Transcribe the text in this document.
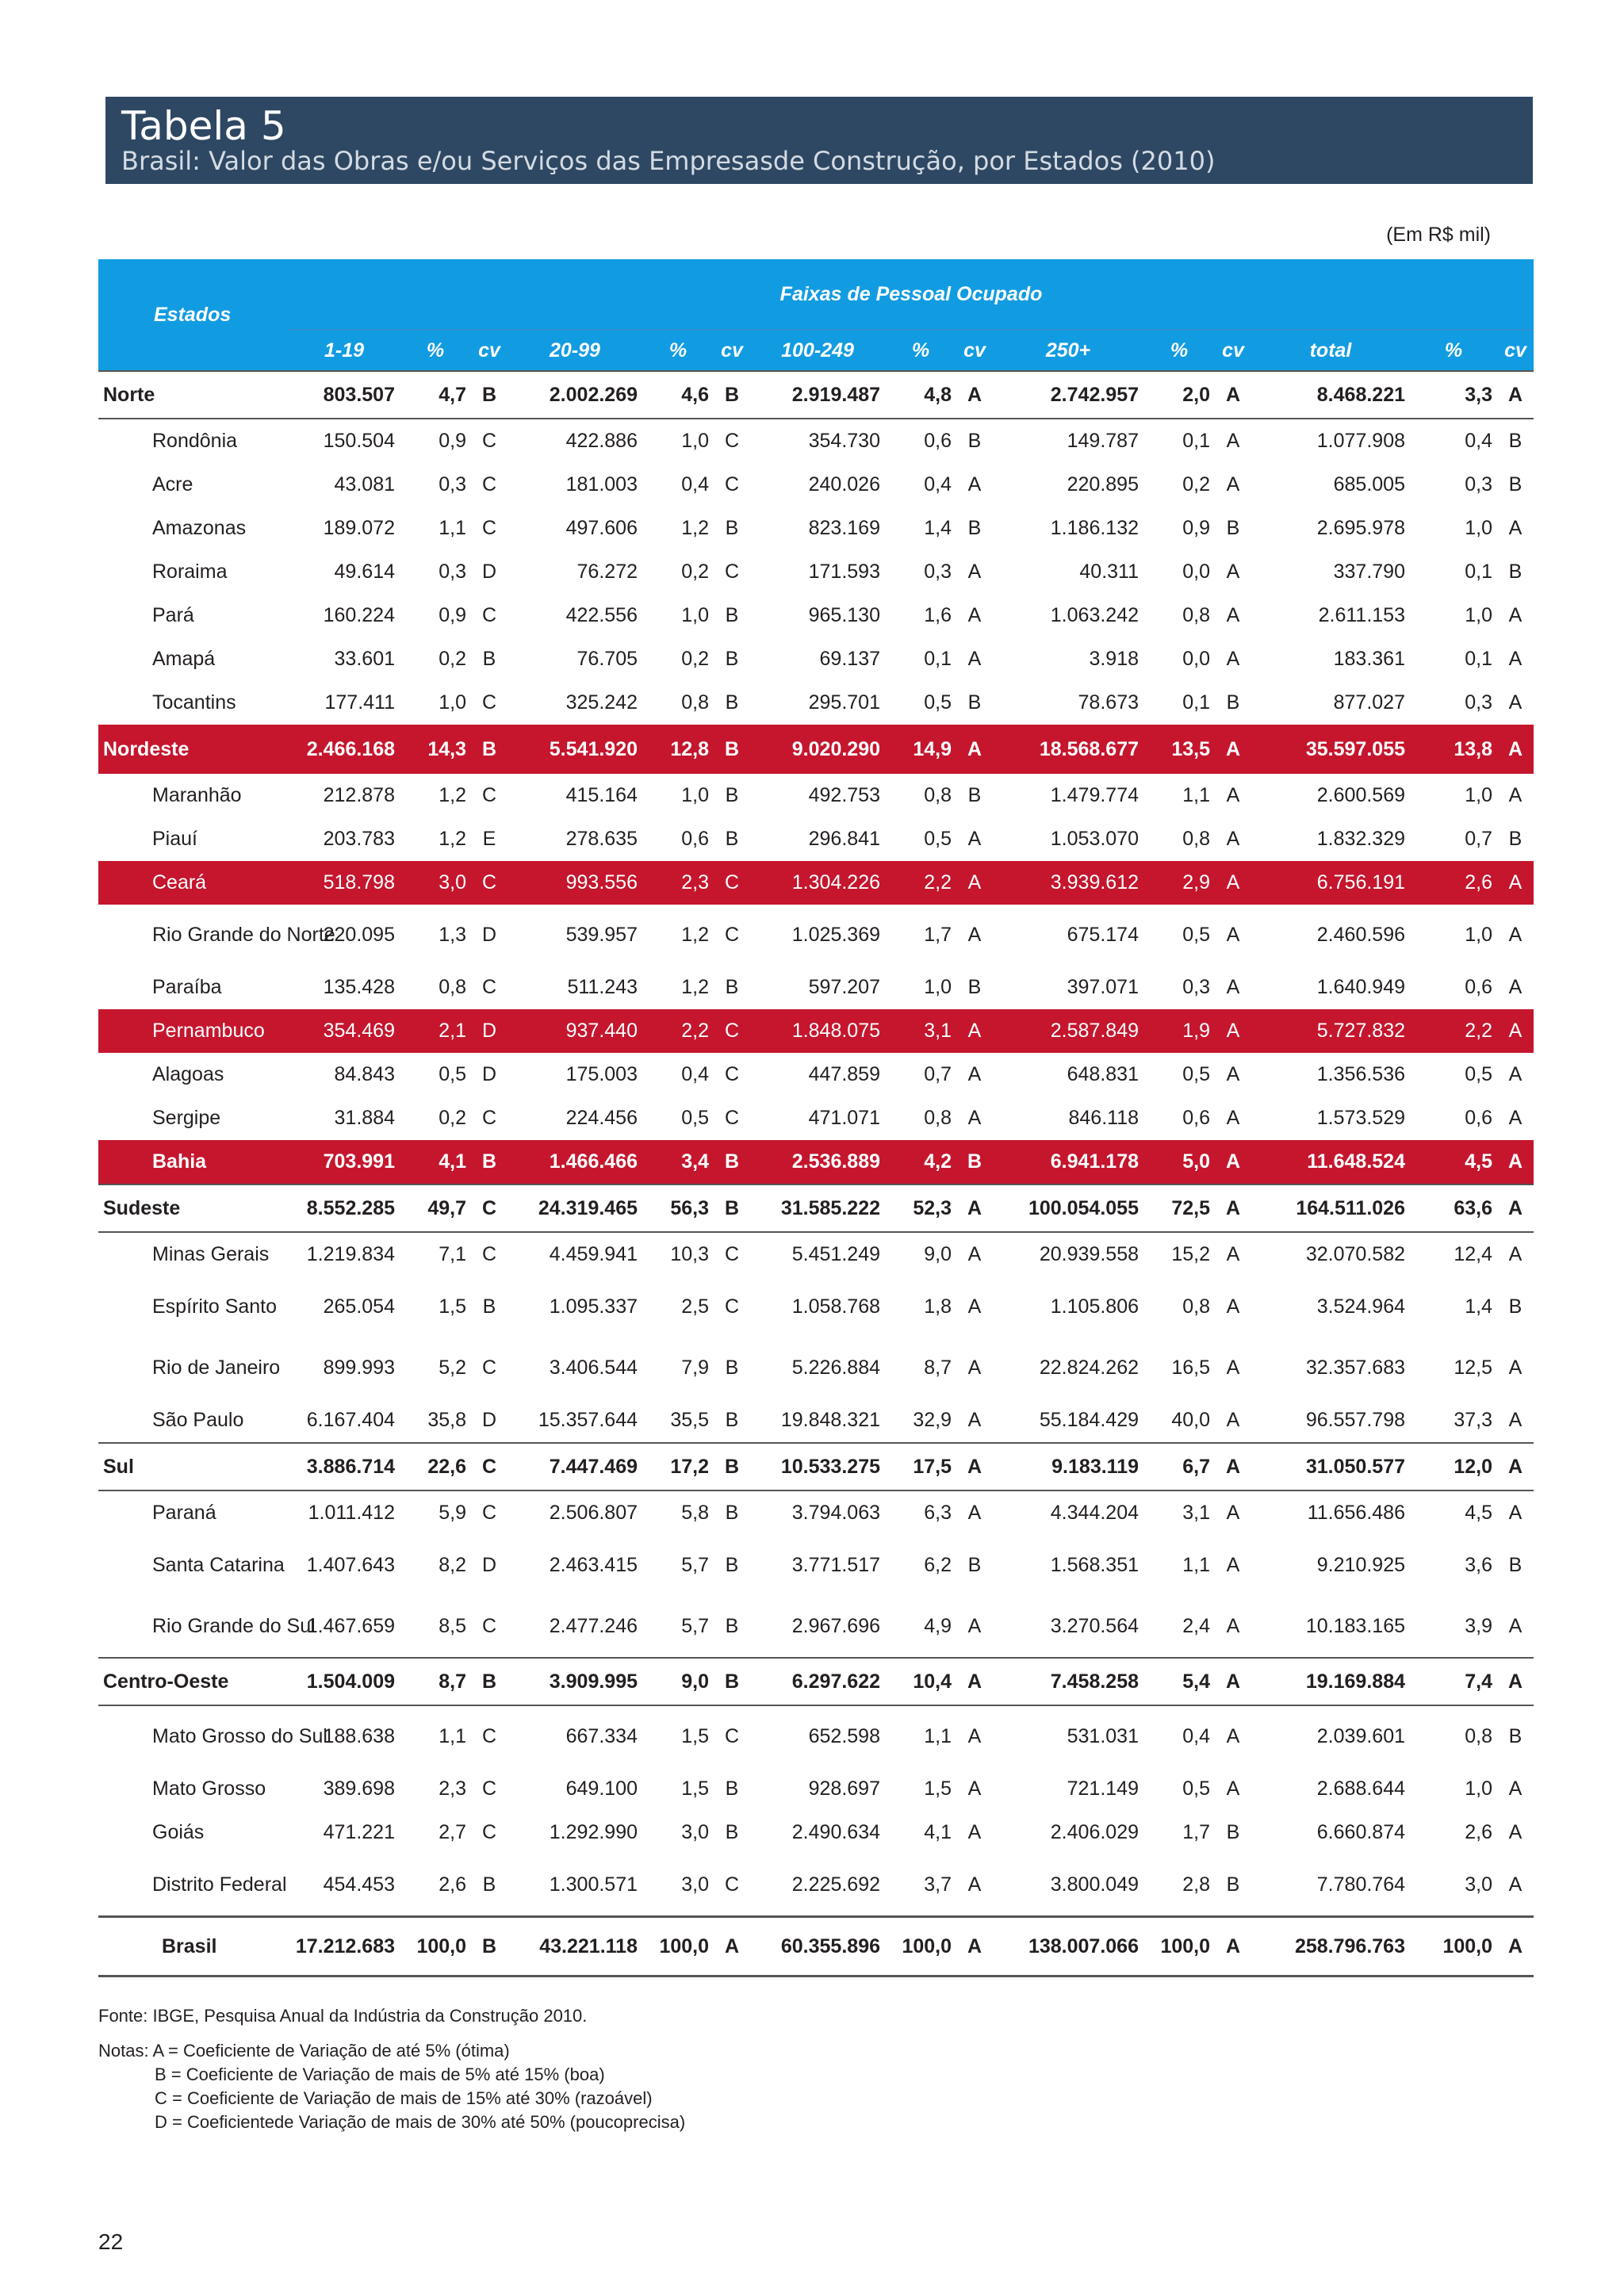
Tabela 5
Brasil: Valor das Obras e/ou Serviços das Empresasde Construção, por Estados (2010)
(Em R$ mil)
Estados	Faixas de Pessoal Ocupado														
	1-19	%	cv	20-99	%	cv	100-249	%	cv	250+	%	cv	total	%	cv
Norte	803.507	4,7	B	2.002.269	4,6	B	2.919.487	4,8	A	2.742.957	2,0	A	8.468.221	3,3	A
Rondônia	150.504	0,9	C	422.886	1,0	C	354.730	0,6	B	149.787	0,1	A	1.077.908	0,4	B
Acre	43.081	0,3	C	181.003	0,4	C	240.026	0,4	A	220.895	0,2	A	685.005	0,3	B
Amazonas	189.072	1,1	C	497.606	1,2	B	823.169	1,4	B	1.186.132	0,9	B	2.695.978	1,0	A
Roraima	49.614	0,3	D	76.272	0,2	C	171.593	0,3	A	40.311	0,0	A	337.790	0,1	B
Pará	160.224	0,9	C	422.556	1,0	B	965.130	1,6	A	1.063.242	0,8	A	2.611.153	1,0	A
Amapá	33.601	0,2	B	76.705	0,2	B	69.137	0,1	A	3.918	0,0	A	183.361	0,1	A
Tocantins	177.411	1,0	C	325.242	0,8	B	295.701	0,5	B	78.673	0,1	B	877.027	0,3	A
Nordeste	2.466.168	14,3	B	5.541.920	12,8	B	9.020.290	14,9	A	18.568.677	13,5	A	35.597.055	13,8	A
Maranhão	212.878	1,2	C	415.164	1,0	B	492.753	0,8	B	1.479.774	1,1	A	2.600.569	1,0	A
Piauí	203.783	1,2	E	278.635	0,6	B	296.841	0,5	A	1.053.070	0,8	A	1.832.329	0,7	B
Ceará	518.798	3,0	C	993.556	2,3	C	1.304.226	2,2	A	3.939.612	2,9	A	6.756.191	2,6	A
Rio Grande do Norte	220.095	1,3	D	539.957	1,2	C	1.025.369	1,7	A	675.174	0,5	A	2.460.596	1,0	A
Paraíba	135.428	0,8	C	511.243	1,2	B	597.207	1,0	B	397.071	0,3	A	1.640.949	0,6	A
Pernambuco	354.469	2,1	D	937.440	2,2	C	1.848.075	3,1	A	2.587.849	1,9	A	5.727.832	2,2	A
Alagoas	84.843	0,5	D	175.003	0,4	C	447.859	0,7	A	648.831	0,5	A	1.356.536	0,5	A
Sergipe	31.884	0,2	C	224.456	0,5	C	471.071	0,8	A	846.118	0,6	A	1.573.529	0,6	A
Bahia	703.991	4,1	B	1.466.466	3,4	B	2.536.889	4,2	B	6.941.178	5,0	A	11.648.524	4,5	A
Sudeste	8.552.285	49,7	C	24.319.465	56,3	B	31.585.222	52,3	A	100.054.055	72,5	A	164.511.026	63,6	A
Minas Gerais	1.219.834	7,1	C	4.459.941	10,3	C	5.451.249	9,0	A	20.939.558	15,2	A	32.070.582	12,4	A
Espírito Santo	265.054	1,5	B	1.095.337	2,5	C	1.058.768	1,8	A	1.105.806	0,8	A	3.524.964	1,4	B
Rio de Janeiro	899.993	5,2	C	3.406.544	7,9	B	5.226.884	8,7	A	22.824.262	16,5	A	32.357.683	12,5	A
São Paulo	6.167.404	35,8	D	15.357.644	35,5	B	19.848.321	32,9	A	55.184.429	40,0	A	96.557.798	37,3	A
Sul	3.886.714	22,6	C	7.447.469	17,2	B	10.533.275	17,5	A	9.183.119	6,7	A	31.050.577	12,0	A
Paraná	1.011.412	5,9	C	2.506.807	5,8	B	3.794.063	6,3	A	4.344.204	3,1	A	11.656.486	4,5	A
Santa Catarina	1.407.643	8,2	D	2.463.415	5,7	B	3.771.517	6,2	B	1.568.351	1,1	A	9.210.925	3,6	B
Rio Grande do Sul	1.467.659	8,5	C	2.477.246	5,7	B	2.967.696	4,9	A	3.270.564	2,4	A	10.183.165	3,9	A
Centro-Oeste	1.504.009	8,7	B	3.909.995	9,0	B	6.297.622	10,4	A	7.458.258	5,4	A	19.169.884	7,4	A
Mato Grosso do Sul	188.638	1,1	C	667.334	1,5	C	652.598	1,1	A	531.031	0,4	A	2.039.601	0,8	B
Mato Grosso	389.698	2,3	C	649.100	1,5	B	928.697	1,5	A	721.149	0,5	A	2.688.644	1,0	A
Goiás	471.221	2,7	C	1.292.990	3,0	B	2.490.634	4,1	A	2.406.029	1,7	B	6.660.874	2,6	A
Distrito Federal	454.453	2,6	B	1.300.571	3,0	C	2.225.692	3,7	A	3.800.049	2,8	B	7.780.764	3,0	A
Brasil	17.212.683	100,0	B	43.221.118	100,0	A	60.355.896	100,0	A	138.007.066	100,0	A	258.796.763	100,0	A
Fonte: IBGE, Pesquisa Anual da Indústria da Construção 2010.
Notas: A = Coeficiente de Variação de até 5% (ótima)
B = Coeficiente de Variação de mais de 5% até 15% (boa)
C = Coeficiente de Variação de mais de 15% até 30% (razoável)
D = Coeficientede Variação de mais de 30% até 50% (poucoprecisa)
22
